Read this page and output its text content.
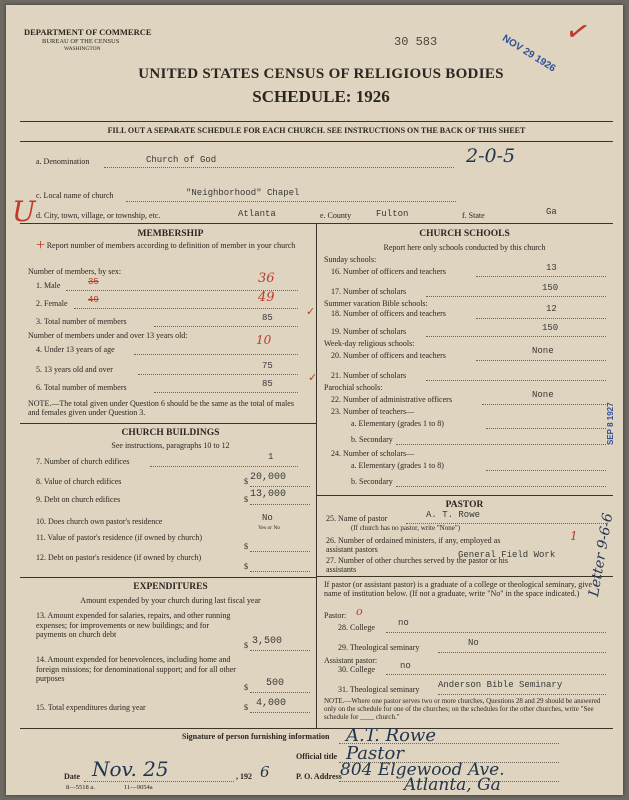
DEPARTMENT OF COMMERCE
BUREAU OF THE CENSUS
WASHINGTON
UNITED STATES CENSUS OF RELIGIOUS BODIES
SCHEDULE: 1926
30 583	NOV 29 1926
✓
FILL OUT A SEPARATE SCHEDULE FOR EACH CHURCH. SEE INSTRUCTIONS ON THE BACK OF THIS SHEET
a. Denomination	Church of God	2-0-5
U
+
c. Local name of church	"Neighborhood" Chapel
d. City, town, village, or township, etc.	Atlanta	e. County	Fulton	f. State	Ga
MEMBERSHIP
Report number of members according to definition of member in your church
Number of members, by sex:
1. Male	35	36
2. Female 49	49
3. Total number of members	85
Number of members under and over 13 years old:
4. Under 13 years of age
10
5. 13 years old and over	75
6. Total number of members	85
NOTE.—The total given under Question 6 should be the same as the total of males and females given under Question 3.
CHURCH BUILDINGS
See instructions, paragraphs 10 to 12
7. Number of church edifices	1
8. Value of church edifices	$ 20,000
9. Debt on church edifices	$ 13,000
10. Does church own pastor's residence	No
Yes or No
11. Value of pastor's residence (if owned by church)
$
12. Debt on pastor's residence (if owned by church)
$
EXPENDITURES
Amount expended by your church during last fiscal year
13. Amount expended for salaries, repairs, and other running expenses; for improvements or new buildings; and for payments on church debt
$ 3,500
14. Amount expended for benevolences, including home and foreign missions; for denominational support; and for all other purposes
$ 500
15. Total expenditures during year	$ 4,000
CHURCH SCHOOLS
Report here only schools conducted by this church
Sunday schools:
16. Number of officers and teachers	13
17. Number of scholars	150
Summer vacation Bible schools:
18. Number of officers and teachers	12
✓
19. Number of scholars	150
Week-day religious schools:
20. Number of officers and teachers	None
21. Number of scholars
✓
Parochial schools:
22. Number of administrative officers	None
23. Number of teachers—
a. Elementary (grades 1 to 8)
b. Secondary
24. Number of scholars—
a. Elementary (grades 1 to 8)
b. Secondary
PASTOR
25. Name of pastor	A. T. Rowe
(If church has no pastor, write "None")
26. Number of ordained ministers, if any, employed as assistant pastors
1
27. Number of other churches served by the pastor or his assistants
General Field Work
If pastor (or assistant pastor) is a graduate of a college or theological seminary, give name of institution below. (If not a graduate, write "No" in the space indicated.)
Pastor: o
28. College	no
29. Theological seminary	No
Assistant pastor:
30. College	no
31. Theological seminary Anderson Bible Seminary
NOTE.—Where one pastor serves two or more churches, Questions 28 and 29 should be answered only on the schedule for one of the churches; on the schedules for the other churches, write "See schedule for ____ church."
SEP 8 1927
Letter 9-6-6
Signature of person furnishing information A.T. Rowe
Official title Pastor
Date Nov. 25	, 192 6	P. O. Address
804 Elgewood Ave.
Atlanta, Ga
8—5518 a.	11—9054a
